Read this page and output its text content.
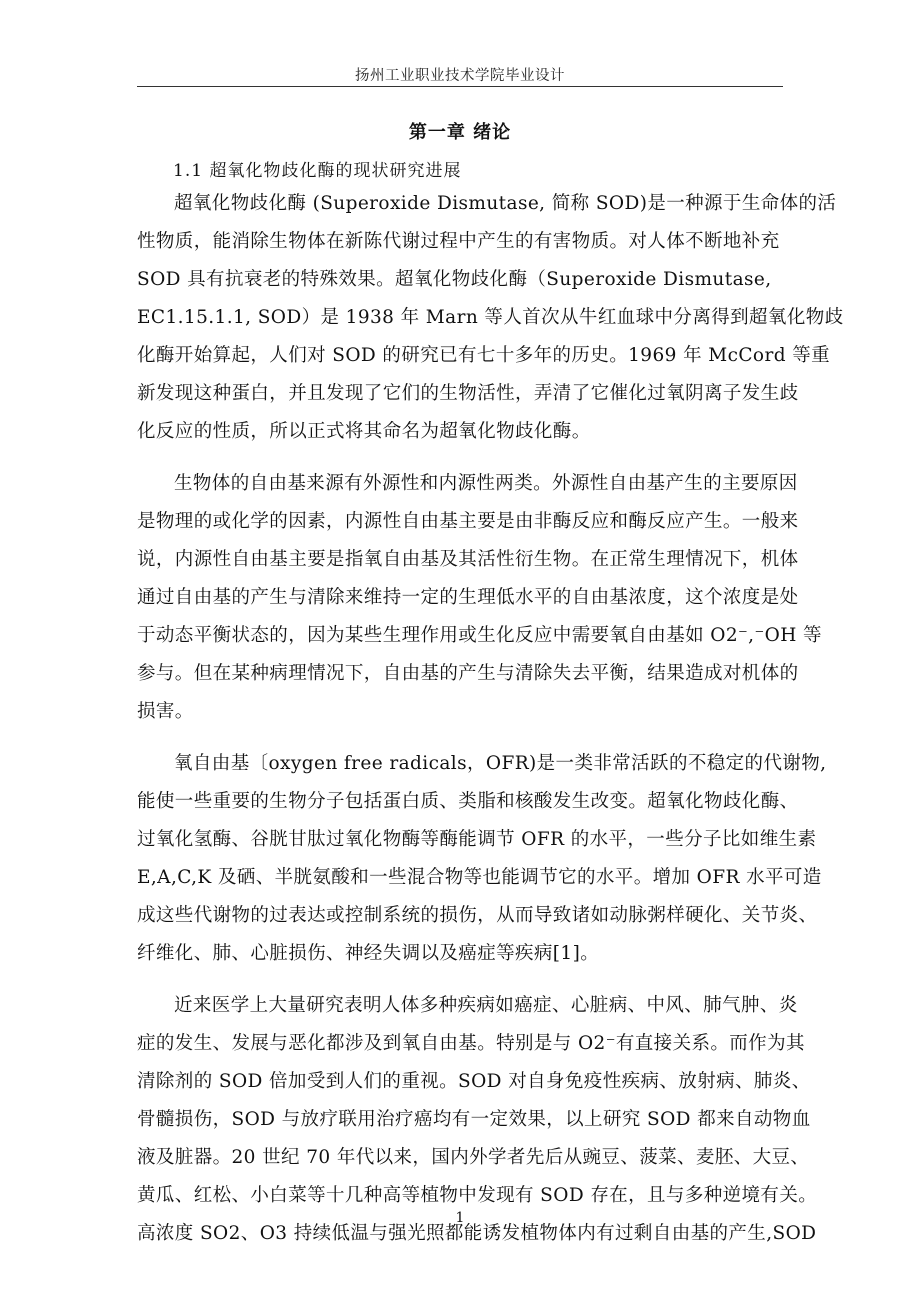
扬州工业职业技术学院毕业设计
第一章 绪论
1.1 超氧化物歧化酶的现状研究进展

超氧化物歧化酶 (Superoxide Dismutase, 简称 SOD)是一种源于生命体的活
性物质，能消除生物体在新陈代谢过程中产生的有害物质。对人体不断地补充
SOD 具有抗衰老的特殊效果。超氧化物歧化酶（Superoxide Dismutase,
EC1.15.1.1, SOD）是 1938 年 Marn 等人首次从牛红血球中分离得到超氧化物歧
化酶开始算起，人们对 SOD 的研究已有七十多年的历史。1969 年 McCord 等重
新发现这种蛋白，并且发现了它们的生物活性，弄清了它催化过氧阴离子发生歧
化反应的性质，所以正式将其命名为超氧化物歧化酶。

生物体的自由基来源有外源性和内源性两类。外源性自由基产生的主要原因
是物理的或化学的因素，内源性自由基主要是由非酶反应和酶反应产生。一般来
说，内源性自由基主要是指氧自由基及其活性衍生物。在正常生理情况下，机体
通过自由基的产生与清除来维持一定的生理低水平的自由基浓度，这个浓度是处
于动态平衡状态的，因为某些生理作用或生化反应中需要氧自由基如 O2⁻,⁻OH 等
参与。但在某种病理情况下，自由基的产生与清除失去平衡，结果造成对机体的
损害。

氧自由基〔oxygen free radicals，OFR)是一类非常活跃的不稳定的代谢物,
能使一些重要的生物分子包括蛋白质、类脂和核酸发生改变。超氧化物歧化酶、
过氧化氢酶、谷胱甘肽过氧化物酶等酶能调节 OFR 的水平，一些分子比如维生素
E,A,C,K 及硒、半胱氨酸和一些混合物等也能调节它的水平。增加 OFR 水平可造
成这些代谢物的过表达或控制系统的损伤，从而导致诸如动脉粥样硬化、关节炎、
纤维化、肺、心脏损伤、神经失调以及癌症等疾病[1]。

近来医学上大量研究表明人体多种疾病如癌症、心脏病、中风、肺气肿、炎
症的发生、发展与恶化都涉及到氧自由基。特别是与 O2⁻有直接关系。而作为其
清除剂的 SOD 倍加受到人们的重视。SOD 对自身免疫性疾病、放射病、肺炎、
骨髓损伤，SOD 与放疗联用治疗癌均有一定效果，以上研究 SOD 都来自动物血
液及脏器。20 世纪 70 年代以来，国内外学者先后从豌豆、菠菜、麦胚、大豆、
黄瓜、红松、小白菜等十几种高等植物中发现有 SOD 存在，且与多种逆境有关。
高浓度 SO2、O3 持续低温与强光照都能诱发植物体内有过剩自由基的产生,SOD

1
